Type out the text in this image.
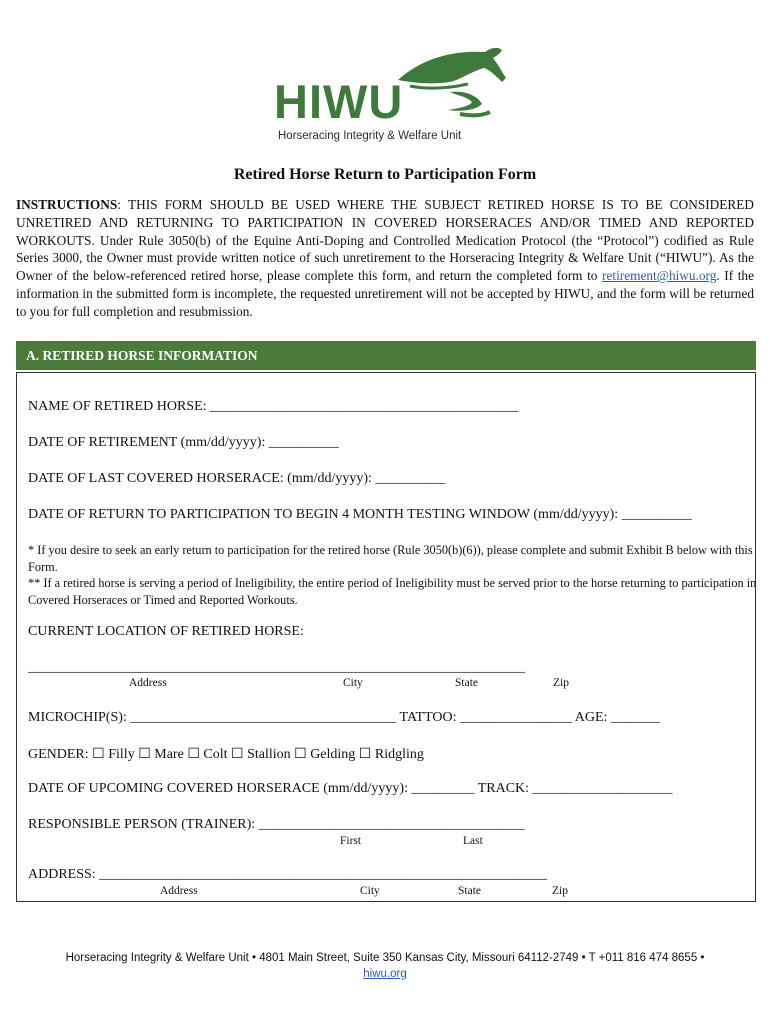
HIWU
Horseracing Integrity & Welfare Unit
Retired Horse Return to Participation Form
INSTRUCTIONS: THIS FORM SHOULD BE USED WHERE THE SUBJECT RETIRED HORSE IS TO BE CONSIDERED UNRETIRED AND RETURNING TO PARTICIPATION IN COVERED HORSERACES AND/OR TIMED AND REPORTED WORKOUTS. Under Rule 3050(b) of the Equine Anti-Doping and Controlled Medication Protocol (the “Protocol”) codified as Rule Series 3000, the Owner must provide written notice of such unretirement to the Horseracing Integrity & Welfare Unit (“HIWU”). As the Owner of the below-referenced retired horse, please complete this form, and return the completed form to retirement@hiwu.org. If the information in the submitted form is incomplete, the requested unretirement will not be accepted by HIWU, and the form will be returned to you for full completion and resubmission.
A. RETIRED HORSE INFORMATION
NAME OF RETIRED HORSE: ____________________________________________
DATE OF RETIREMENT (mm/dd/yyyy): __________
DATE OF LAST COVERED HORSERACE: (mm/dd/yyyy): __________
DATE OF RETURN TO PARTICIPATION TO BEGIN 4 MONTH TESTING WINDOW (mm/dd/yyyy): __________
* If you desire to seek an early return to participation for the retired horse (Rule 3050(b)(6)), please complete and submit Exhibit B below with this Form.
** If a retired horse is serving a period of Ineligibility, the entire period of Ineligibility must be served prior to the horse returning to participation in Covered Horseraces or Timed and Reported Workouts.
CURRENT LOCATION OF RETIRED HORSE:
_______________________________________________________________________
Address	City	State	Zip
MICROCHIP(S): ______________________________________ TATTOO: ________________ AGE: _______
GENDER: ☐ Filly ☐ Mare ☐ Colt ☐ Stallion ☐ Gelding ☐ Ridgling
DATE OF UPCOMING COVERED HORSERACE (mm/dd/yyyy): _________ TRACK: ____________________
RESPONSIBLE PERSON (TRAINER): ______________________________________
First	Last
ADDRESS: ________________________________________________________________
Address	City	State	Zip
Horseracing Integrity & Welfare Unit • 4801 Main Street, Suite 350 Kansas City, Missouri 64112-2749 • T +011 816 474 8655 •
hiwu.org
